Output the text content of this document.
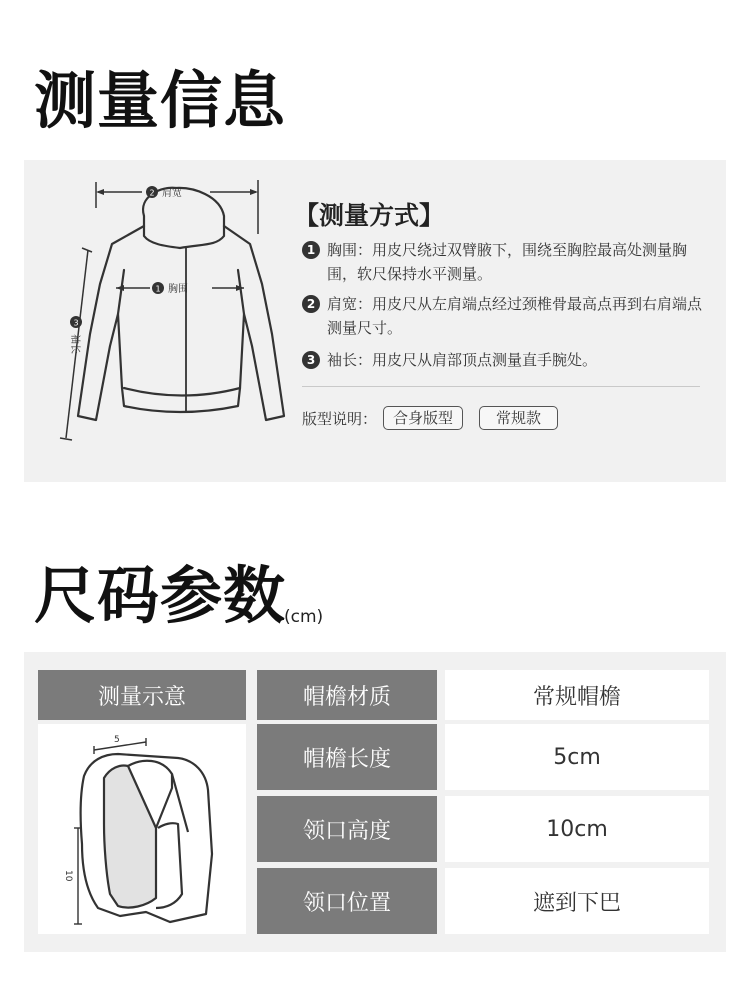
测量信息
2 肩宽
1 胸围
3
袖长
【测量方式】
1 胸围：用皮尺绕过双臂腋下，围绕至胸腔最高处测量胸围，软尺保持水平测量。
2 肩宽：用皮尺从左肩端点经过颈椎骨最高点再到右肩端点测量尺寸。
3 袖长：用皮尺从肩部顶点测量直手腕处。
版型说明：	合身版型	常规款
尺码参数
(cm)
测量示意
5
10
帽檐材质	常规帽檐
帽檐长度	5cm
领口高度	10cm
领口位置	遮到下巴
